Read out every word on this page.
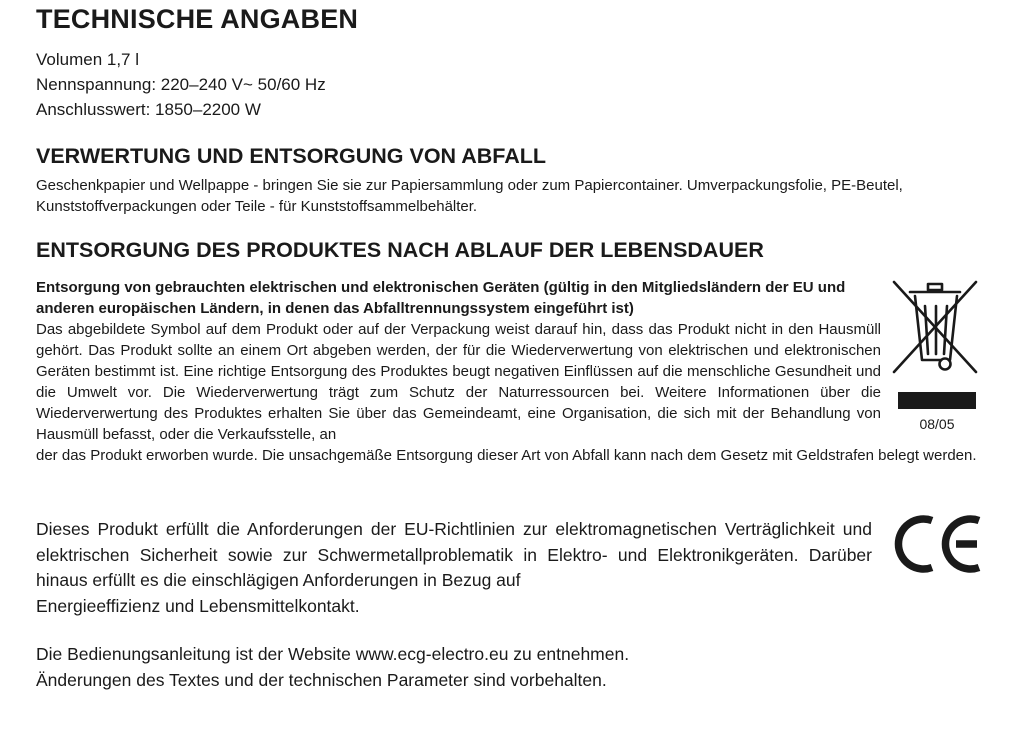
TECHNISCHE ANGABEN
Volumen 1,7 l
Nennspannung: 220–240 V~ 50/60 Hz
Anschlusswert: 1850–2200 W
VERWERTUNG UND ENTSORGUNG VON ABFALL
Geschenkpapier und Wellpappe - bringen Sie sie zur Papiersammlung oder zum Papiercontainer. Umverpackungsfolie, PE-Beutel, Kunststoffverpackungen oder Teile - für Kunststoffsammelbehälter.
ENTSORGUNG DES PRODUKTES NACH ABLAUF DER LEBENSDAUER
Entsorgung von gebrauchten elektrischen und elektronischen Geräten (gültig in den Mitgliedsländern der EU und anderen europäischen Ländern, in denen das Abfalltrennungssystem eingeführt ist)
Das abgebildete Symbol auf dem Produkt oder auf der Verpackung weist darauf hin, dass das Produkt nicht in den Hausmüll gehört. Das Produkt sollte an einem Ort abgeben werden, der für die Wiederverwertung von elektrischen und elektronischen Geräten bestimmt ist. Eine richtige Entsorgung des Produktes beugt negativen Einflüssen auf die menschliche Gesundheit und die Umwelt vor. Die Wiederverwertung trägt zum Schutz der Naturressourcen bei. Weitere Informationen über die Wiederverwertung des Produktes erhalten Sie über das Gemeindeamt, eine Organisation, die sich mit der Behandlung von Hausmüll befasst, oder die Verkaufsstelle, an
der das Produkt erworben wurde. Die unsachgemäße Entsorgung dieser Art von Abfall kann nach dem Gesetz mit Geldstrafen belegt werden.
Dieses Produkt erfüllt die Anforderungen der EU-Richtlinien zur elektromagnetischen Verträglichkeit und elektrischen Sicherheit sowie zur Schwermetallproblematik in Elektro- und Elektronikgeräten. Darüber hinaus erfüllt es die einschlägigen Anforderungen in Bezug auf
Energieeffizienz und Lebensmittelkontakt.
Die Bedienungsanleitung ist der Website www.ecg-electro.eu zu entnehmen.
Änderungen des Textes und der technischen Parameter sind vorbehalten.
08/05
